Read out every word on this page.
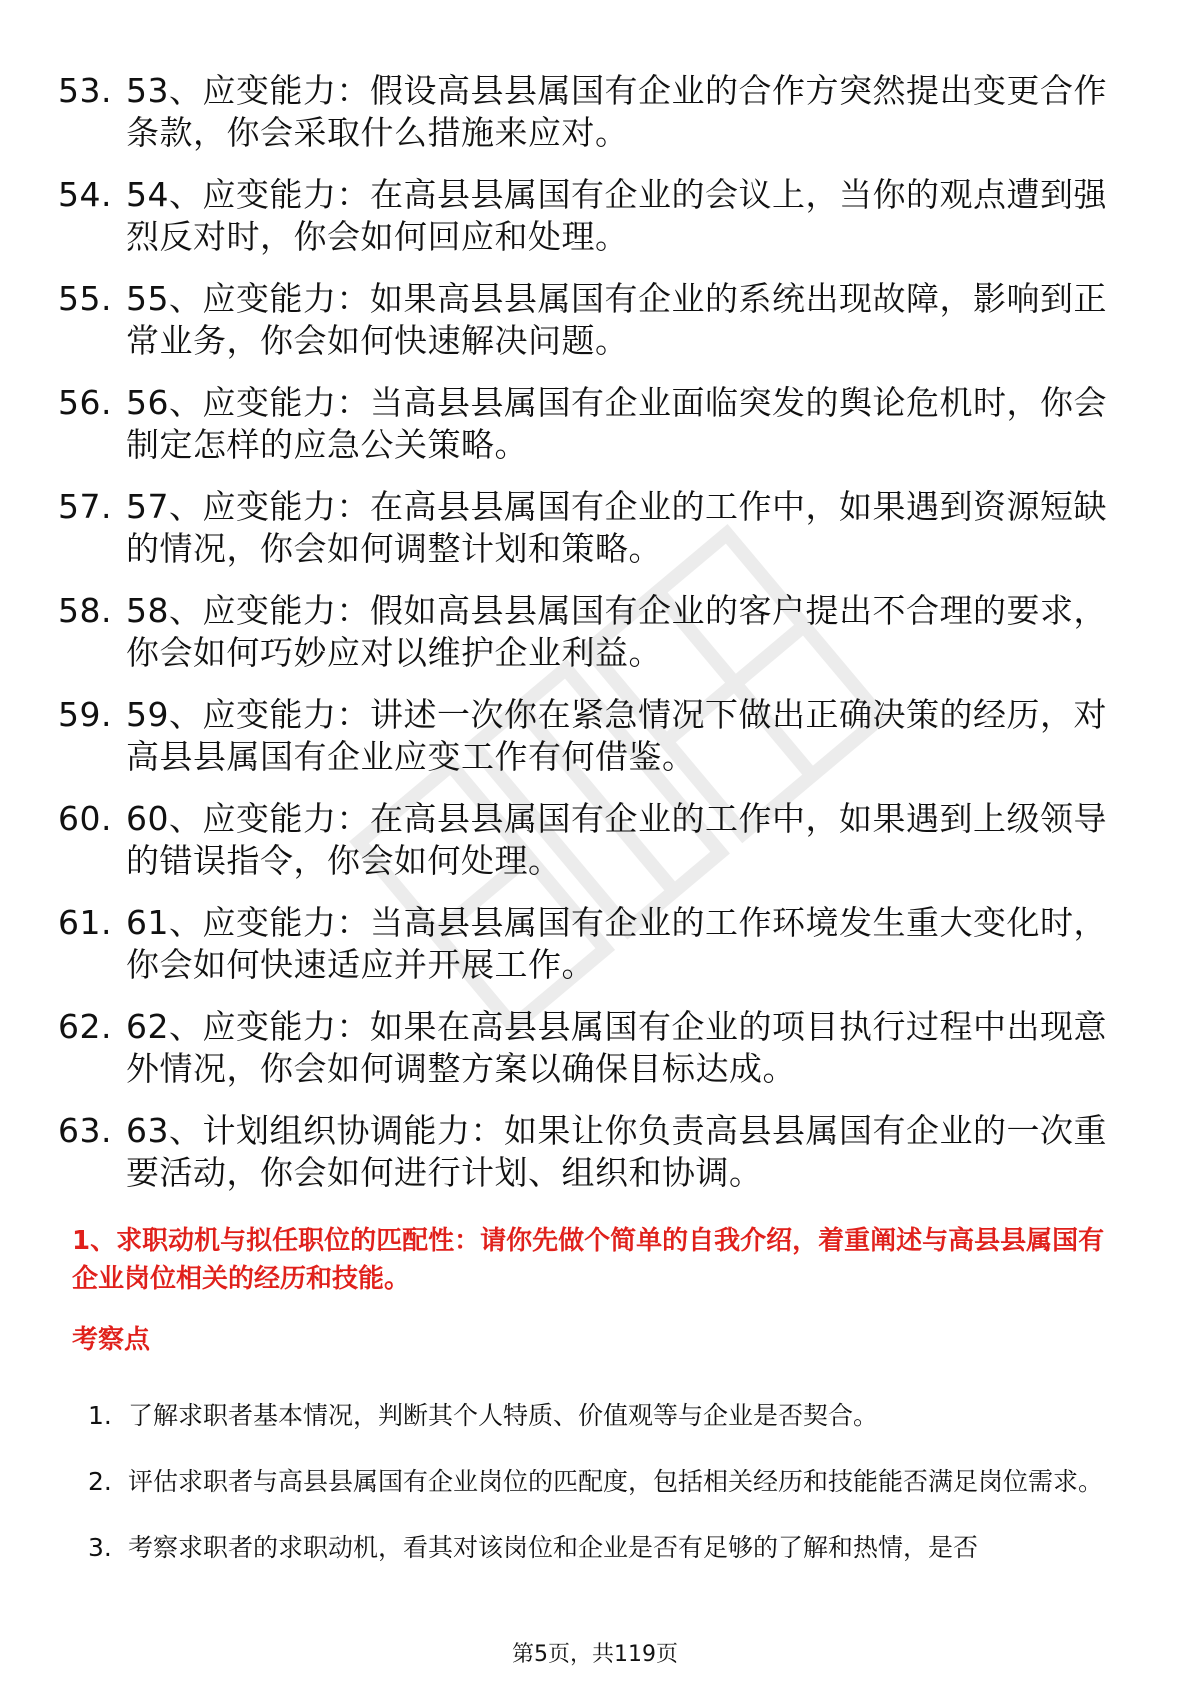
53. 53、应变能力：假设高县县属国有企业的合作方突然提出变更合作条款，你会采取什么措施来应对。
54. 54、应变能力：在高县县属国有企业的会议上，当你的观点遭到强烈反对时，你会如何回应和处理。
55. 55、应变能力：如果高县县属国有企业的系统出现故障，影响到正常业务，你会如何快速解决问题。
56. 56、应变能力：当高县县属国有企业面临突发的舆论危机时，你会制定怎样的应急公关策略。
57. 57、应变能力：在高县县属国有企业的工作中，如果遇到资源短缺的情况，你会如何调整计划和策略。
58. 58、应变能力：假如高县县属国有企业的客户提出不合理的要求，你会如何巧妙应对以维护企业利益。
59. 59、应变能力：讲述一次你在紧急情况下做出正确决策的经历，对高县县属国有企业应变工作有何借鉴。
60. 60、应变能力：在高县县属国有企业的工作中，如果遇到上级领导的错误指令，你会如何处理。
61. 61、应变能力：当高县县属国有企业的工作环境发生重大变化时，你会如何快速适应并开展工作。
62. 62、应变能力：如果在高县县属国有企业的项目执行过程中出现意外情况，你会如何调整方案以确保目标达成。
63. 63、计划组织协调能力：如果让你负责高县县属国有企业的一次重要活动，你会如何进行计划、组织和协调。
1、求职动机与拟任职位的匹配性：请你先做个简单的自我介绍，着重阐述与高县县属国有企业岗位相关的经历和技能。
考察点
1. 了解求职者基本情况，判断其个人特质、价值观等与企业是否契合。
2. 评估求职者与高县县属国有企业岗位的匹配度，包括相关经历和技能能否满足岗位需求。
3. 考察求职者的求职动机，看其对该岗位和企业是否有足够的了解和热情，是否
第5页，共119页
